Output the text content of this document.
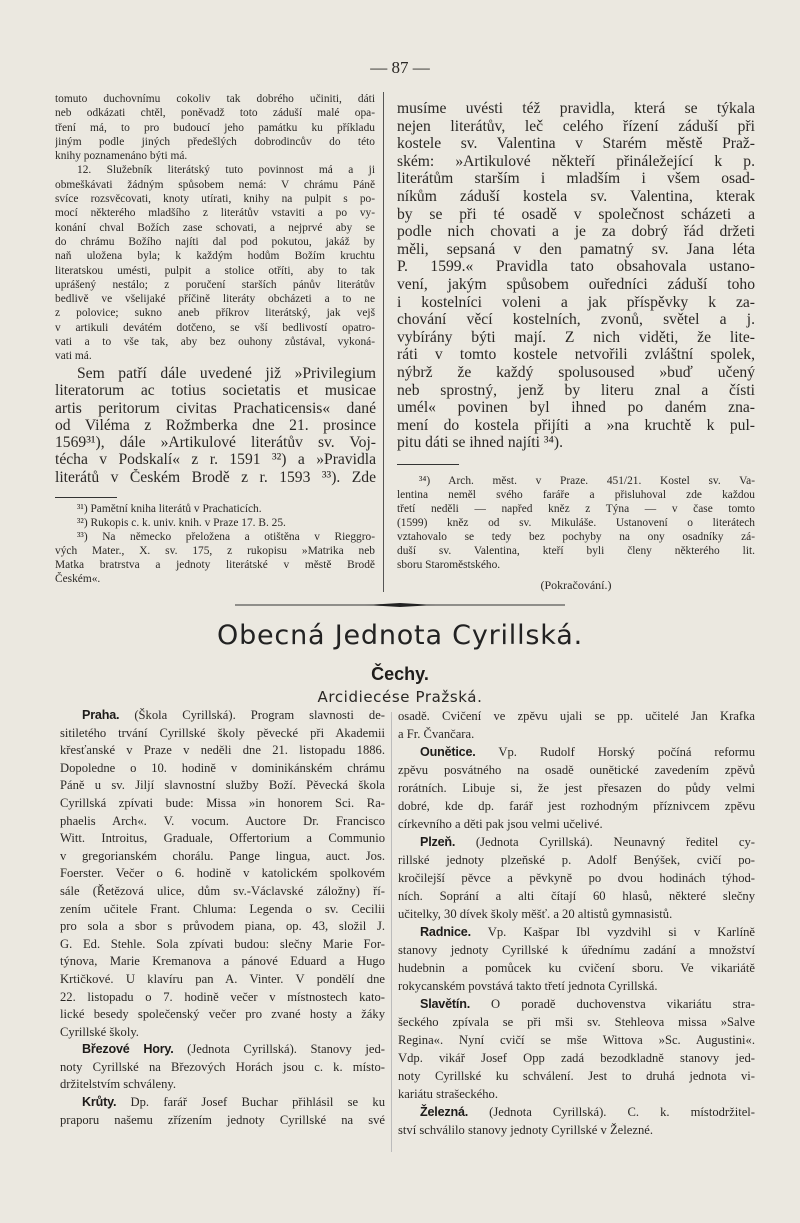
— 87 —
tomuto duchovnímu cokoliv tak dobrého učiniti, dáti
neb odkázati chtěl, poněvadž toto záduší malé opa-
tření má, to pro budoucí jeho památku ku příkladu
jiným podle jiných předešlých dobrodincův do této
knihy poznamenáno býti má.
12. Služebník literátský tuto povinnost má a ji
obmeškávati žádným spůsobem nemá: V chrámu Páně
svíce rozsvěcovati, knoty utírati, knihy na pulpit s po-
mocí některého mladšího z literátův vstaviti a po vy-
konání chval Božích zase schovati, a nejprvé aby se
do chrámu Božího najíti dal pod pokutou, jakáž by
naň uložena byla; k každým hodům Božím kruchtu
literatskou umésti, pulpit a stolice otříti, aby to tak
uprášený nestálo; z poručení starších pánův literátův
bedlivě ve všelijaké příčině literáty obcházeti a to ne
z polovice; sukno aneb příkrov literátský, jak vejš
v artikuli devátém dotčeno, se vší bedlivostí opatro-
vati a to vše tak, aby bez ouhony zůstával, vykoná-
vati má.
Sem patří dále uvedené již »Privilegium
literatorum ac totius societatis et musicae
artis peritorum civitas Prachaticensis« dané
od Viléma z Rožmberka dne 21. prosince
1569³¹), dále »Artikulové literátův sv. Voj-
técha v Podskalí« z r. 1591 ³²) a »Pravidla
literátů v Českém Brodě z r. 1593 ³³). Zde
³¹) Pamětní kniha literátů v Prachaticích.
³²) Rukopis c. k. univ. knih. v Praze 17. B. 25.
³³) Na německo přeložena a otištěna v Rieggro-
vých Mater., X. sv. 175, z rukopisu »Matrika neb
Matka bratrstva a jednoty literátské v městě Brodě
Českém«.
musíme uvésti též pravidla, která se týkala
nejen literátův, leč celého řízení záduší při
kostele sv. Valentina v Starém městě Praž-
ském: »Artikulové někteří přináležející k p.
literátům starším i mladším i všem osad-
níkům záduší kostela sv. Valentina, kterak
by se při té osadě v společnost scházeti a
podle nich chovati a je za dobrý řád držeti
měli, sepsaná v den pamatný sv. Jana léta
P. 1599.« Pravidla tato obsahovala ustano-
vení, jakým spůsobem ouředníci záduší toho
i kostelníci voleni a jak příspěvky k za-
chování věcí kostelních, zvonů, světel a j.
vybírány býti mají. Z nich viděti, že lite-
ráti v tomto kostele netvořili zvláštní spolek,
nýbrž že každý spolusoused »buď učený
neb sprostný, jenž by literu znal a čísti
umél« povinen byl ihned po daném zna-
mení do kostela přijíti a »na kruchtě k pul-
pitu dáti se ihned najíti ³⁴).
³⁴) Arch. měst. v Praze. 451/21. Kostel sv. Va-
lentina neměl svého faráře a přisluhoval zde každou
třetí neděli — napřed kněz z Týna — v čase tomto
(1599) kněz od sv. Mikuláše. Ustanovení o literátech
vztahovalo se tedy bez pochyby na ony osadníky zá-
duší sv. Valentina, kteří byli členy některého lit.
sboru Staroměstského.
(Pokračování.)
Obecná Jednota Cyrillská.
Čechy.
Arcidiecése Pražská.
Praha. (Škola Cyrillská). Program slavnosti de-
sitiletého trvání Cyrillské školy pěvecké při Akademii
křesťanské v Praze v neděli dne 21. listopadu 1886.
Dopoledne o 10. hodině v dominikánském chrámu
Páně u sv. Jiljí slavnostní služby Boží. Pěvecká škola
Cyrillská zpívati bude: Missa »in honorem Sci. Ra-
phaelis Arch«. V. vocum. Auctore Dr. Francisco
Witt. Introitus, Graduale, Offertorium a Communio
v gregorianském chorálu. Pange lingua, auct. Jos.
Foerster. Večer o 6. hodině v katolickém spolkovém
sále (Řetězová ulice, dům sv.-Václavské záložny) ří-
zením učitele Frant. Chluma: Legenda o sv. Cecilii
pro sola a sbor s průvodem piana, op. 43, složil J.
G. Ed. Stehle. Sola zpívati budou: slečny Marie For-
týnova, Marie Kremanova a pánové Eduard a Hugo
Krtičkové. U klavíru pan A. Vinter. V pondělí dne
22. listopadu o 7. hodině večer v místnostech kato-
lické besedy společenský večer pro zvané hosty a žáky
Cyrillské školy.
Březové Hory. (Jednota Cyrillská). Stanovy jed-
noty Cyrillské na Březových Horách jsou c. k. místo-
držitelstvím schváleny.
Krůty. Dp. farář Josef Buchar přihlásil se ku
praporu našemu zřízením jednoty Cyrillské na své
osadě. Cvičení ve zpěvu ujali se pp. učitelé Jan Krafka
a Fr. Čvančara.
Ounětice. Vp. Rudolf Horský počíná reformu
zpěvu posvátného na osadě ounětické zavedením zpěvů
rorátních. Libuje si, že jest přesazen do půdy velmi
dobré, kde dp. farář jest rozhodným příznivcem zpěvu
církevního a děti pak jsou velmi učelivé.
Plzeň. (Jednota Cyrillská). Neunavný ředitel cy-
rillské jednoty plzeňské p. Adolf Benýšek, cvičí po-
kročilejší pěvce a pěvkyně po dvou hodinách týhod-
ních. Soprání a alti čítají 60 hlasů, některé slečny
učitelky, 30 dívek školy měšť. a 20 altistů gymnasistů.
Radnice. Vp. Kašpar Ibl vyzdvihl si v Karlíně
stanovy jednoty Cyrillské k úřednímu zadání a množství
hudebnin a pomůcek ku cvičení sboru. Ve vikariátě
rokycanském povstává takto třetí jednota Cyrillská.
Slavětín. O poradě duchovenstva vikariátu stra-
šeckého zpívala se při mši sv. Stehleova missa »Salve
Regina«. Nyní cvičí se mše Wittova »Sc. Augustini«.
Vdp. vikář Josef Opp zadá bezodkladně stanovy jed-
noty Cyrillské ku schválení. Jest to druhá jednota vi-
kariátu strašeckého.
Železná. (Jednota Cyrillská). C. k. místodržitel-
ství schválilo stanovy jednoty Cyrillské v Železné.
